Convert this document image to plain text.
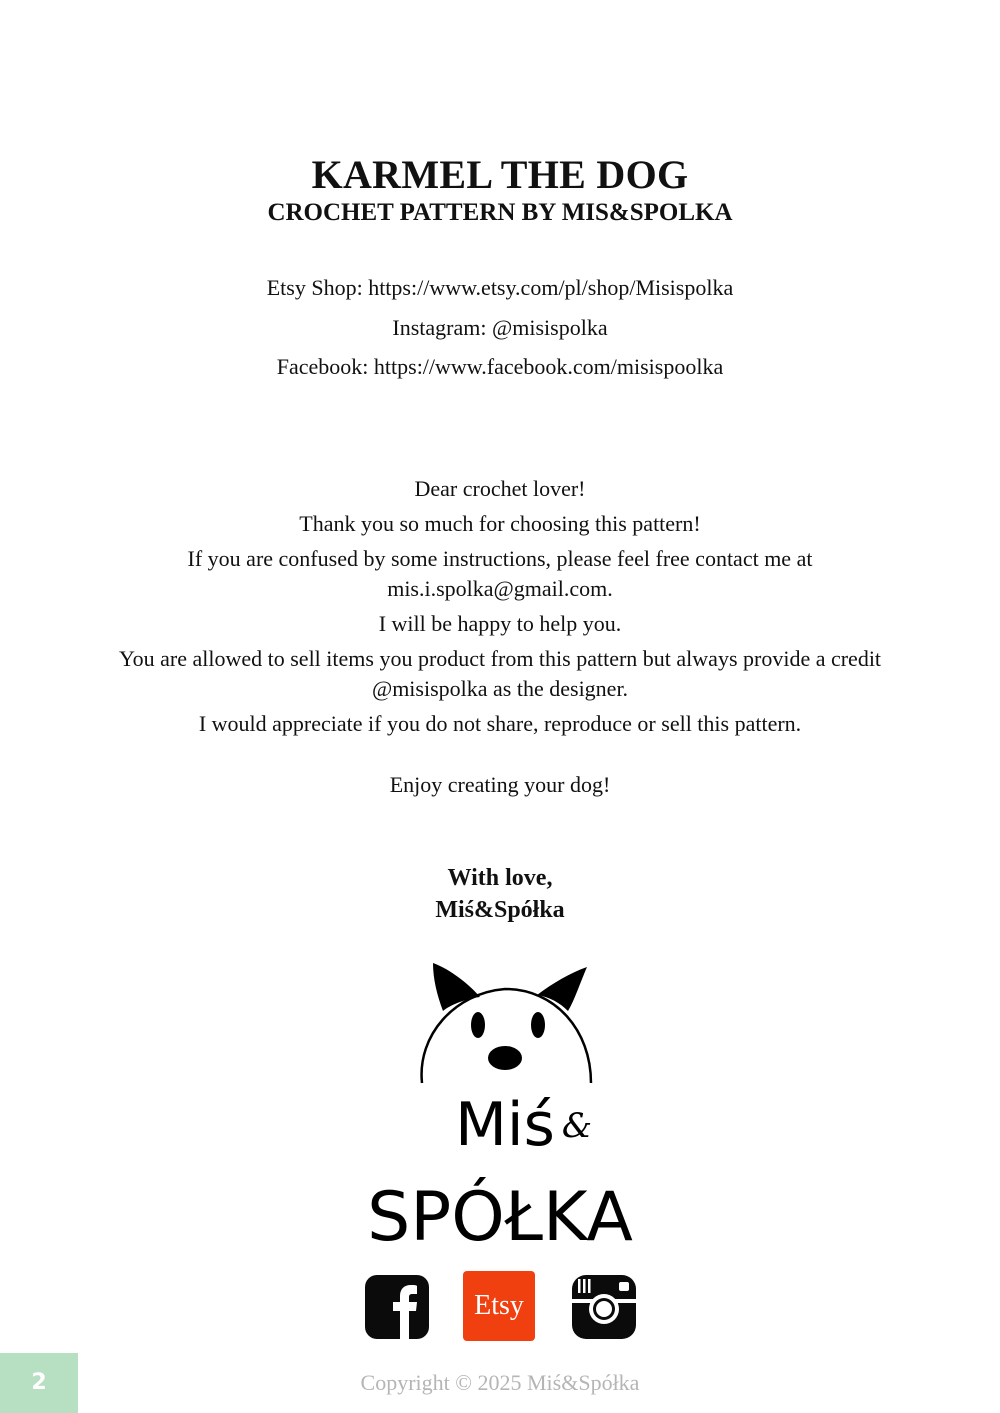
KARMEL THE DOG
CROCHET PATTERN BY MIS&SPOLKA
Etsy Shop: https://www.etsy.com/pl/shop/Misispolka
Instagram: @misispolka
Facebook: https://www.facebook.com/misispoolka

Dear crochet lover!

Thank you so much for choosing this pattern!

If you are confused by some instructions, please feel free contact me at

mis.i.spolka@gmail.com.

I will be happy to help you.

You are allowed to sell items you product from this pattern but always provide a credit

@misispolka as the designer.

I would appreciate if you do not share, reproduce or sell this pattern.

Enjoy creating your dog!

With love,
Miś&Spółka
Miś &
SPÓŁKA
Etsy
2	Copyright © 2025 Miś&Spółka
